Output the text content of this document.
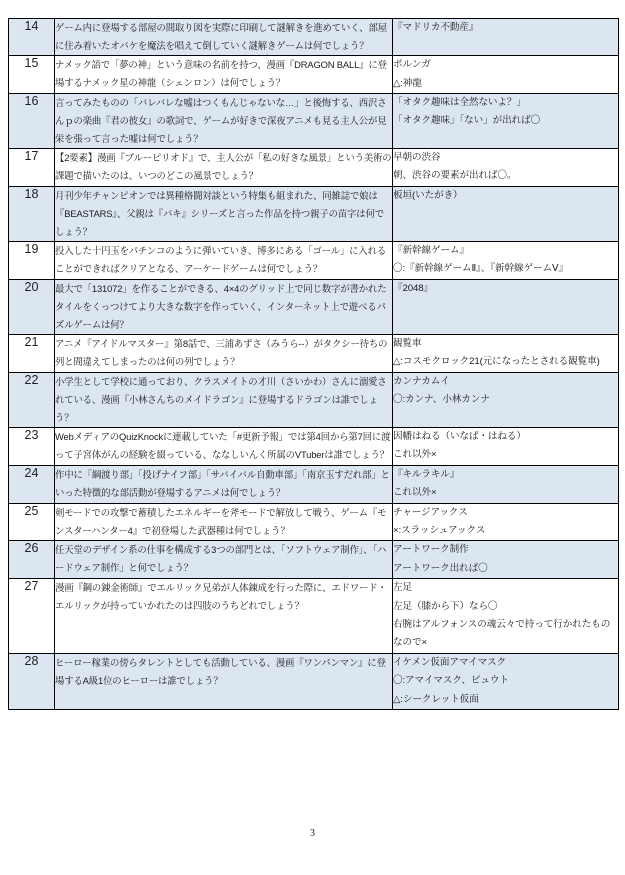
14	ゲーム内に登場する部屋の間取り図を実際に印刷して謎解きを進めていく、部屋に住み着いたオバケを魔法を唱えて倒していく謎解きゲームは何でしょう？	『マドリカ不動産』

15	ナメック語で「夢の神」という意味の名前を持つ、漫画『DRAGON BALL』に登場するナメック星の神龍（シェンロン）は何でしょう？	ポルンガ
△:神龍

16	言ってみたものの「バレバレな嘘はつくもんじゃないな…」と後悔する、西沢さんｐの楽曲『君の彼女』の歌詞で、ゲームが好きで深夜アニメも見る主人公が見栄を張って言った嘘は何でしょう？	「オタク趣味は全然ないよ？」
「オタク趣味」「ない」が出れば〇

17	【2要素】漫画『ブルーピリオド』で、主人公が「私の好きな風景」という美術の課題で描いたのは、いつのどこの風景でしょう？	早朝の渋谷
朝、渋谷の要素が出れば〇。

18	月刊少年チャンピオンでは異種格闘対談という特集も組まれた、同雑誌で娘は『BEASTARS』、父親は『バキ』シリーズと言った作品を持つ親子の苗字は何でしょう？	板垣(いたがき）

19	投入した十円玉をパチンコのように弾いていき、博多にある「ゴール」に入れることができればクリアとなる、アーケードゲームは何でしょう？	『新幹線ゲーム』
〇:『新幹線ゲームⅡ』、『新幹線ゲームⅤ』

20	最大で「131072」を作ることができる、4×4のグリッド上で同じ数字が書かれたタイルをくっつけてより大きな数字を作っていく、インターネット上で遊べるパズルゲームは何？	『2048』

21	アニメ『アイドルマスター』第8話で、三浦あずさ（みうら‐‐）がタクシー待ちの列と間違えてしまったのは何の列でしょう？	観覧車
△:コスモクロック21(元になったとされる観覧車)

22	小学生として学校に通っており、クラスメイトの才川（さいかわ）さんに溺愛されている、漫画『小林さんちのメイドラゴン』に登場するドラゴンは誰でしょう？	カンナカムイ
〇:カンナ、小林カンナ

23	WebメディアのQuizKnockに連載していた「#更新予報」では第4回から第7回に渡って子宮体がんの経験を綴っている、ななしいんく所属のVTuberは誰でしょう？	因幡はねる（いなば・はねる）
これ以外×

24	作中に「綱渡り部」「投げナイフ部」「サバイバル自動車部」「南京玉すだれ部」といった特徴的な部活動が登場するアニメは何でしょう？	『キルラキル』
これ以外×

25	剣モードでの攻撃で蓄積したエネルギーを斧モードで解放して戦う、ゲーム『モンスターハンター4』で初登場した武器種は何でしょう？	チャージアックス
×:スラッシュアックス

26	任天堂のデザイン系の仕事を構成する3つの部門とは、「ソフトウェア制作」、「ハードウェア制作」と何でしょう？	アートワーク制作
アートワーク出れば〇

27	漫画『鋼の錬金術師』でエルリック兄弟が人体錬成を行った際に、エドワード・エルリックが持っていかれたのは四肢のうちどれでしょう？	左足
左足（膝から下）なら〇
右腕はアルフォンスの魂云々で持って行かれたものなので×

28	ヒーロー稼業の傍らタレントとしても活動している、漫画『ワンパンマン』に登場するA級1位のヒーローは誰でしょう？	イケメン仮面アマイマスク
〇:アマイマスク、ビュウト
△:シークレット仮面
3
